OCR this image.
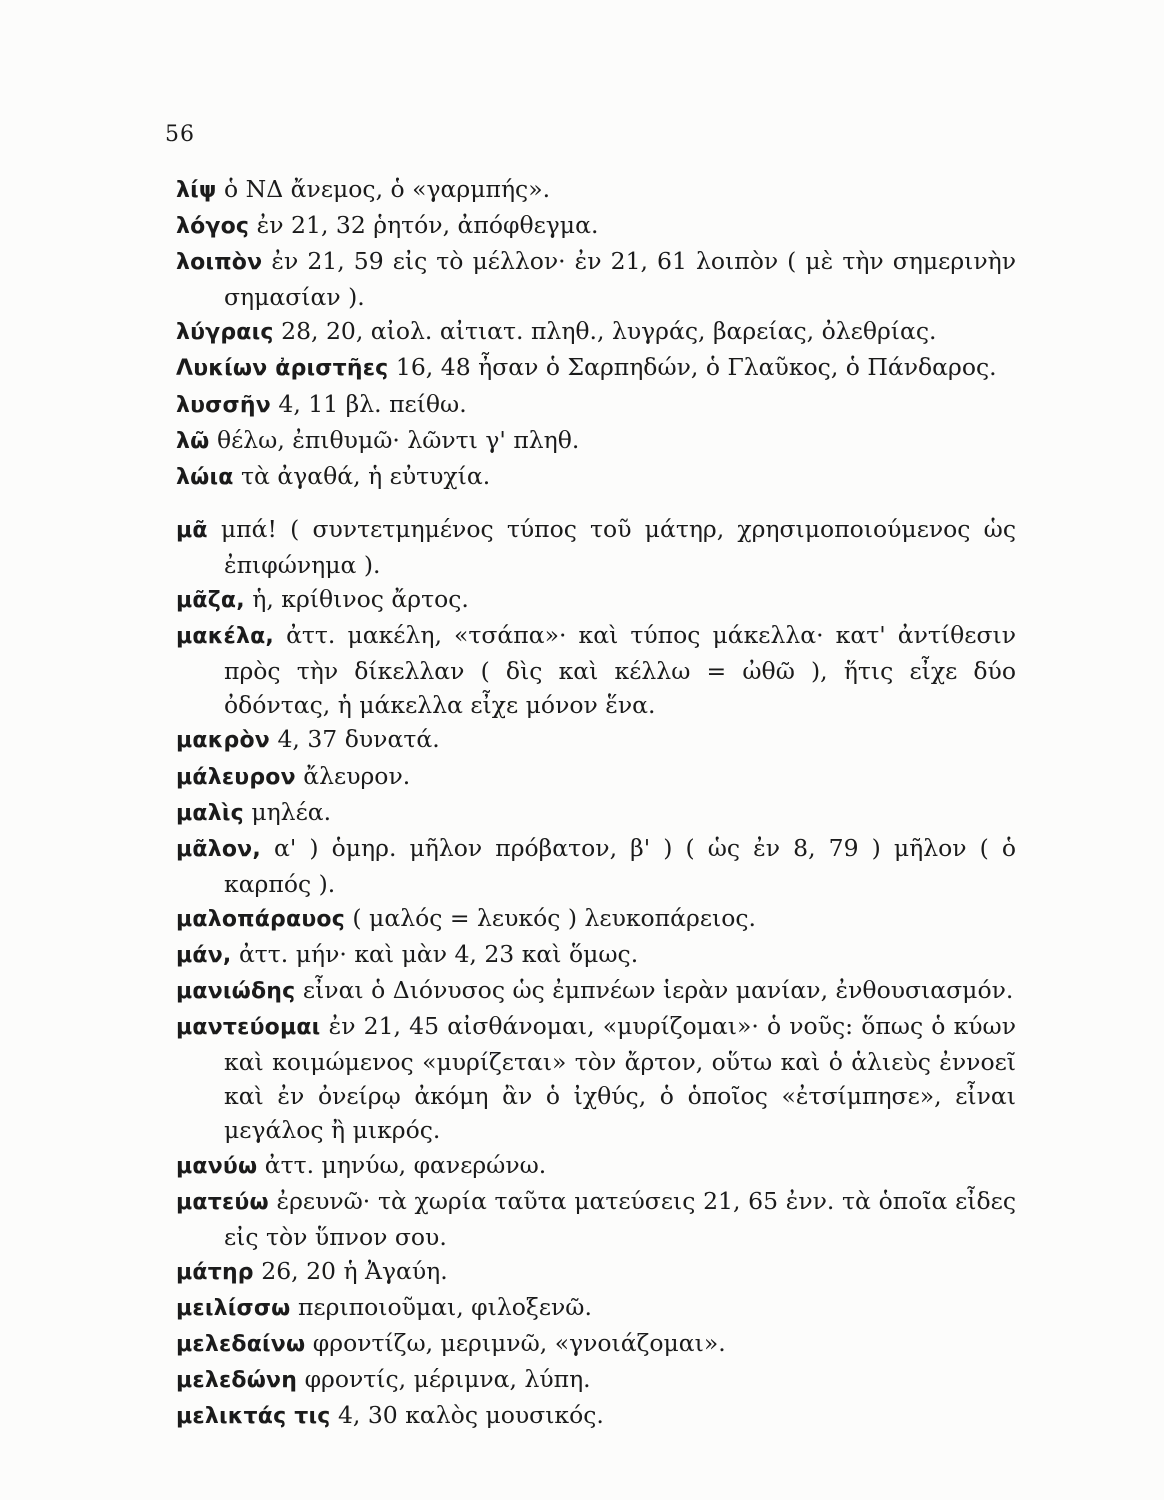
56
λίψ ὁ ΝΔ ἄνεμος, ὁ «γαρμπής».
λόγος ἐν 21, 32 ῥητόν, ἀπόφθεγμα.
λοιπὸν ἐν 21, 59 εἰς τὸ μέλλον· ἐν 21, 61 λοιπὸν ( μὲ τὴν σημερινὴν σημασίαν ).
λύγραις 28, 20, αἰολ. αἰτιατ. πληθ., λυγράς, βαρείας, ὀλεθρίας.
Λυκίων ἀριστῆες 16, 48 ἦσαν ὁ Σαρπηδών, ὁ Γλαῦκος, ὁ Πάνδαρος.
λυσσῆν 4, 11 βλ. πείθω.
λῶ θέλω, ἐπιθυμῶ· λῶντι γ' πληθ.
λώια τὰ ἀγαθά, ἡ εὐτυχία.
μᾶ μπά! ( συντετμημένος τύπος τοῦ μάτηρ, χρησιμοποιούμενος ὡς ἐπιφώνημα ).
μᾶζα, ἡ, κρίθινος ἄρτος.
μακέλα, ἀττ. μακέλη, «τσάπα»· καὶ τύπος μάκελλα· κατ' ἀντίθεσιν πρὸς τὴν δίκελλαν ( δὶς καὶ κέλλω = ὠθῶ ), ἥτις εἶχε δύο ὀδόντας, ἡ μάκελλα εἶχε μόνον ἕνα.
μακρὸν 4, 37 δυνατά.
μάλευρον ἄλευρον.
μαλὶς μηλέα.
μᾶλον, α' ) ὁμηρ. μῆλον πρόβατον, β' ) ( ὡς ἐν 8, 79 ) μῆλον ( ὁ καρπός ).
μαλοπάραυος ( μαλός = λευκός ) λευκοπάρειος.
μάν, ἀττ. μήν· καὶ μὰν 4, 23 καὶ ὅμως.
μανιώδης εἶναι ὁ Διόνυσος ὡς ἐμπνέων ἱερὰν μανίαν, ἐνθουσιασμόν.
μαντεύομαι ἐν 21, 45 αἰσθάνομαι, «μυρίζομαι»· ὁ νοῦς: ὅπως ὁ κύων καὶ κοιμώμενος «μυρίζεται» τὸν ἄρτον, οὕτω καὶ ὁ ἁλιεὺς ἐννοεῖ καὶ ἐν ὀνείρῳ ἀκόμη ἂν ὁ ἰχθύς, ὁ ὁποῖος «ἐτσίμπησε», εἶναι μεγάλος ἢ μικρός.
μανύω ἀττ. μηνύω, φανερώνω.
ματεύω ἐρευνῶ· τὰ χωρία ταῦτα ματεύσεις 21, 65 ἐνν. τὰ ὁποῖα εἶδες εἰς τὸν ὕπνον σου.
μάτηρ 26, 20 ἡ Ἀγαύη.
μειλίσσω περιποιοῦμαι, φιλοξενῶ.
μελεδαίνω φροντίζω, μεριμνῶ, «γνοιάζομαι».
μελεδώνη φροντίς, μέριμνα, λύπη.
μελικτάς τις 4, 30 καλὸς μουσικός.
